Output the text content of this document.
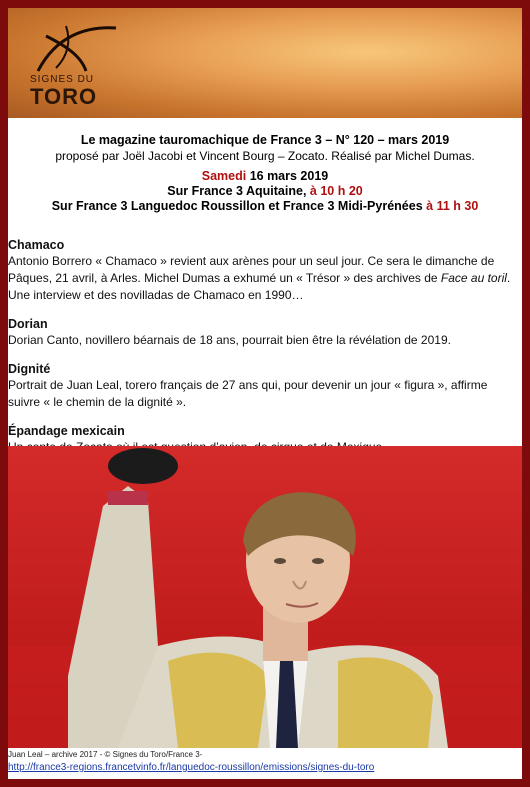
SIGNES DU
TORO
Le magazine tauromachique de France 3 – N° 120 – mars 2019
proposé par Joël Jacobi et Vincent Bourg – Zocato. Réalisé par Michel Dumas.
Samedi 16 mars 2019
Sur France 3 Aquitaine, à 10 h 20
Sur France 3 Languedoc Roussillon et France 3 Midi-Pyrénées à 11 h 30
Chamaco
Antonio Borrero « Chamaco » revient aux arènes pour un seul jour. Ce sera le dimanche de Pâques, 21 avril, à Arles. Michel Dumas a exhumé un « Trésor » des archives de Face au toril. Une interview et des novilladas de Chamaco en 1990…
Dorian
Dorian Canto, novillero béarnais de 18 ans, pourrait bien être la révélation de 2019.
Dignité
Portrait de Juan Leal, torero français de 27 ans qui, pour devenir un jour « figura », affirme suivre « le chemin de la dignité ».
Épandage mexicain
Juan Leal – archive 2017 - © Signes du Toro/France 3-
http://france3-regions.francetvinfo.fr/languedoc-roussillon/emissions/signes-du-toro
